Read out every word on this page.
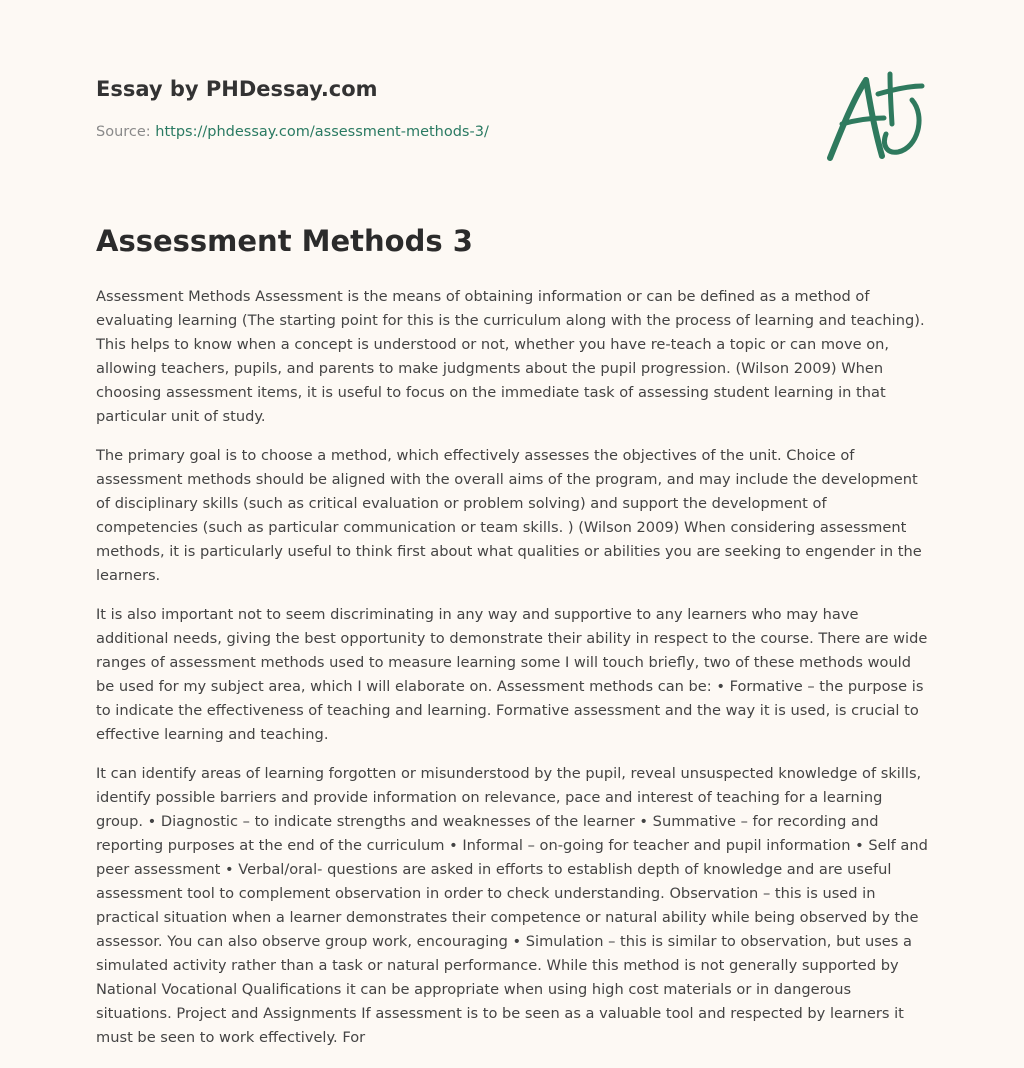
Essay by PHDessay.com
Source: https://phdessay.com/assessment-methods-3/
Assessment Methods 3

Assessment Methods Assessment is the means of obtaining information or can be defined as a method of evaluating learning (The starting point for this is the curriculum along with the process of learning and teaching). This helps to know when a concept is understood or not, whether you have re-teach a topic or can move on, allowing teachers, pupils, and parents to make judgments about the pupil progression. (Wilson 2009) When choosing assessment items, it is useful to focus on the immediate task of assessing student learning in that particular unit of study.

The primary goal is to choose a method, which effectively assesses the objectives of the unit. Choice of assessment methods should be aligned with the overall aims of the program, and may include the development of disciplinary skills (such as critical evaluation or problem solving) and support the development of competencies (such as particular communication or team skills. ) (Wilson 2009) When considering assessment methods, it is particularly useful to think first about what qualities or abilities you are seeking to engender in the learners.

It is also important not to seem discriminating in any way and supportive to any learners who may have additional needs, giving the best opportunity to demonstrate their ability in respect to the course. There are wide ranges of assessment methods used to measure learning some I will touch briefly, two of these methods would be used for my subject area, which I will elaborate on. Assessment methods can be: • Formative – the purpose is to indicate the effectiveness of teaching and learning. Formative assessment and the way it is used, is crucial to effective learning and teaching.

It can identify areas of learning forgotten or misunderstood by the pupil, reveal unsuspected knowledge of skills, identify possible barriers and provide information on relevance, pace and interest of teaching for a learning group. • Diagnostic – to indicate strengths and weaknesses of the learner • Summative – for recording and reporting purposes at the end of the curriculum • Informal – on-going for teacher and pupil information • Self and peer assessment • Verbal/oral- questions are asked in efforts to establish depth of knowledge and are useful assessment tool to complement observation in order to check understanding. Observation – this is used in practical situation when a learner demonstrates their competence or natural ability while being observed by the assessor. You can also observe group work, encouraging • Simulation – this is similar to observation, but uses a simulated activity rather than a task or natural performance. While this method is not generally supported by National Vocational Qualifications it can be appropriate when using high cost materials or in dangerous situations. Project and Assignments If assessment is to be seen as a valuable tool and respected by learners it must be seen to work effectively. For
